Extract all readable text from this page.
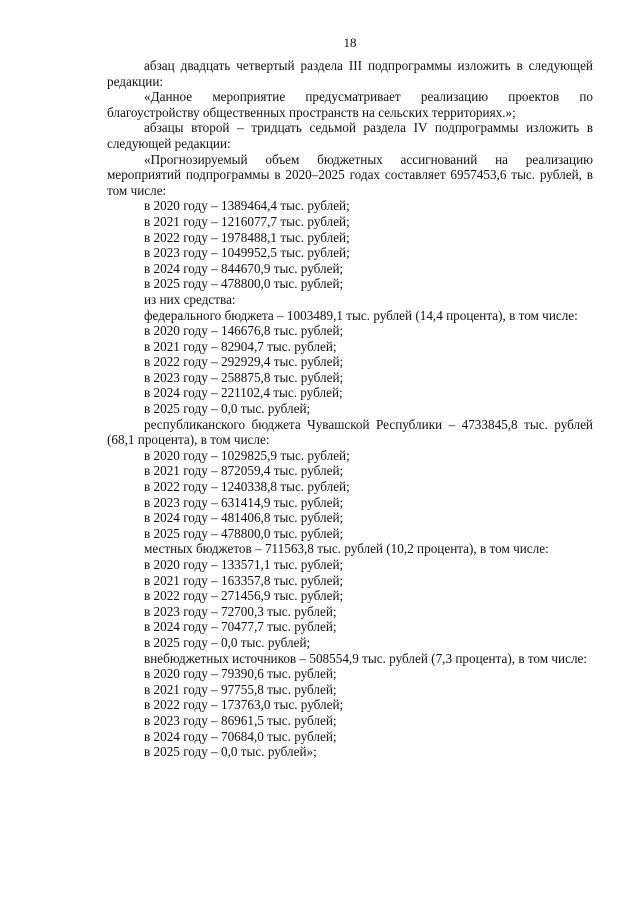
18

абзац двадцать четвертый раздела III подпрограммы изложить в следующей редакции:

«Данное мероприятие предусматривает реализацию проектов по благоустройству общественных пространств на сельских территориях.»;

абзацы второй – тридцать седьмой раздела IV подпрограммы изложить в следующей редакции:

«Прогнозируемый объем бюджетных ассигнований на реализацию мероприятий подпрограммы в 2020–2025 годах составляет 6957453,6 тыс. рублей, в том числе:

в 2020 году – 1389464,4 тыс. рублей;

в 2021 году – 1216077,7 тыс. рублей;

в 2022 году – 1978488,1 тыс. рублей;

в 2023 году – 1049952,5 тыс. рублей;

в 2024 году – 844670,9 тыс. рублей;

в 2025 году – 478800,0 тыс. рублей;

из них средства:

федерального бюджета – 1003489,1 тыс. рублей (14,4 процента), в том числе:

в 2020 году – 146676,8 тыс. рублей;

в 2021 году – 82904,7 тыс. рублей;

в 2022 году – 292929,4 тыс. рублей;

в 2023 году – 258875,8 тыс. рублей;

в 2024 году – 221102,4 тыс. рублей;

в 2025 году – 0,0 тыс. рублей;

республиканского бюджета Чувашской Республики – 4733845,8 тыс. рублей (68,1 процента), в том числе:

в 2020 году – 1029825,9 тыс. рублей;

в 2021 году – 872059,4 тыс. рублей;

в 2022 году – 1240338,8 тыс. рублей;

в 2023 году – 631414,9 тыс. рублей;

в 2024 году – 481406,8 тыс. рублей;

в 2025 году – 478800,0 тыс. рублей;

местных бюджетов – 711563,8 тыс. рублей (10,2 процента), в том числе:

в 2020 году – 133571,1 тыс. рублей;

в 2021 году – 163357,8 тыс. рублей;

в 2022 году – 271456,9 тыс. рублей;

в 2023 году – 72700,3 тыс. рублей;

в 2024 году – 70477,7 тыс. рублей;

в 2025 году – 0,0 тыс. рублей;

внебюджетных источников – 508554,9 тыс. рублей (7,3 процента), в том числе:

в 2020 году – 79390,6 тыс. рублей;

в 2021 году – 97755,8 тыс. рублей;

в 2022 году – 173763,0 тыс. рублей;

в 2023 году – 86961,5 тыс. рублей;

в 2024 году – 70684,0 тыс. рублей;

в 2025 году – 0,0 тыс. рублей»;
